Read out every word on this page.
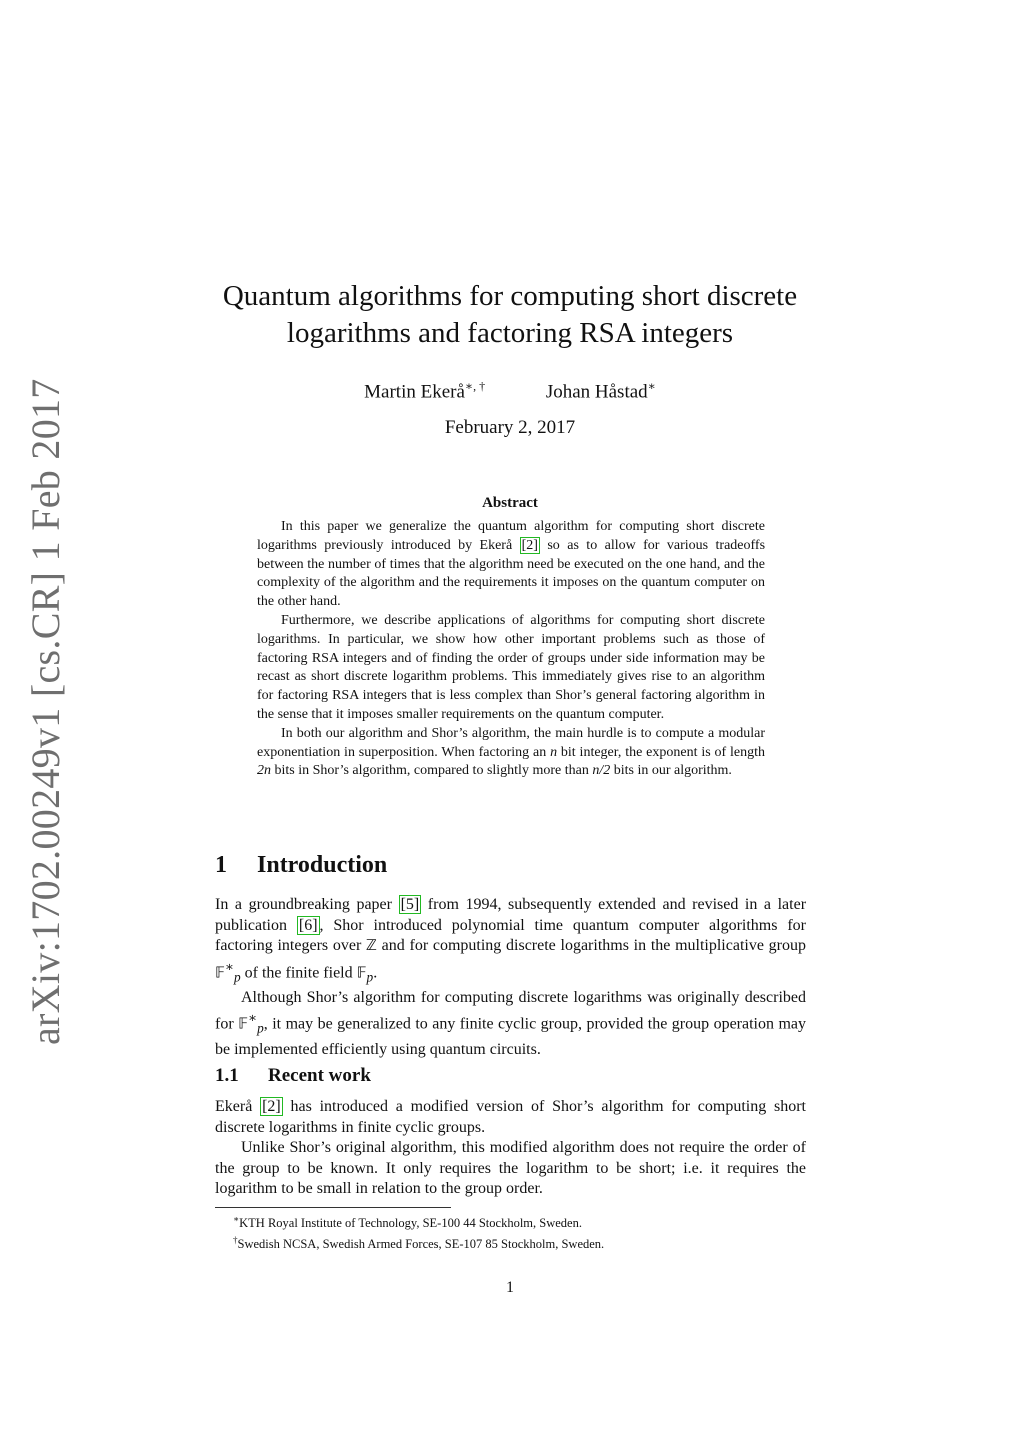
arXiv:1702.00249v1 [cs.CR] 1 Feb 2017
Quantum algorithms for computing short discrete
logarithms and factoring RSA integers
Martin Ekerå∗, †	Johan Håstad∗
February 2, 2017
Abstract

In this paper we generalize the quantum algorithm for computing short discrete logarithms previously introduced by Ekerå [2] so as to allow for various tradeoffs between the number of times that the algorithm need be executed on the one hand, and the complexity of the algorithm and the requirements it imposes on the quantum computer on the other hand.

Furthermore, we describe applications of algorithms for computing short discrete logarithms. In particular, we show how other important problems such as those of factoring RSA integers and of finding the order of groups under side information may be recast as short discrete logarithm problems. This immediately gives rise to an algorithm for factoring RSA integers that is less complex than Shor’s general factoring algorithm in the sense that it imposes smaller requirements on the quantum computer.

In both our algorithm and Shor’s algorithm, the main hurdle is to compute a modular exponentiation in superposition. When factoring an n bit integer, the exponent is of length 2n bits in Shor’s algorithm, compared to slightly more than n/2 bits in our algorithm.

1 Introduction

In a groundbreaking paper [5] from 1994, subsequently extended and revised in a later publication [6] , Shor introduced polynomial time quantum computer algorithms for factoring integers over ℤ and for computing discrete logarithms in the multiplicative group 𝔽∗$_p$ of the finite field 𝔽$_p$.

Although Shor’s algorithm for computing discrete logarithms was originally described for 𝔽∗$_p$, it may be generalized to any finite cyclic group, provided the group operation may be implemented efficiently using quantum circuits.

1.1 Recent work

Ekerå [2] has introduced a modified version of Shor’s algorithm for computing short discrete logarithms in finite cyclic groups.

Unlike Shor’s original algorithm, this modified algorithm does not require the order of the group to be known. It only requires the logarithm to be short; i.e. it requires the logarithm to be small in relation to the group order.

∗KTH Royal Institute of Technology, SE-100 44 Stockholm, Sweden.
†Swedish NCSA, Swedish Armed Forces, SE-107 85 Stockholm, Sweden.
1
